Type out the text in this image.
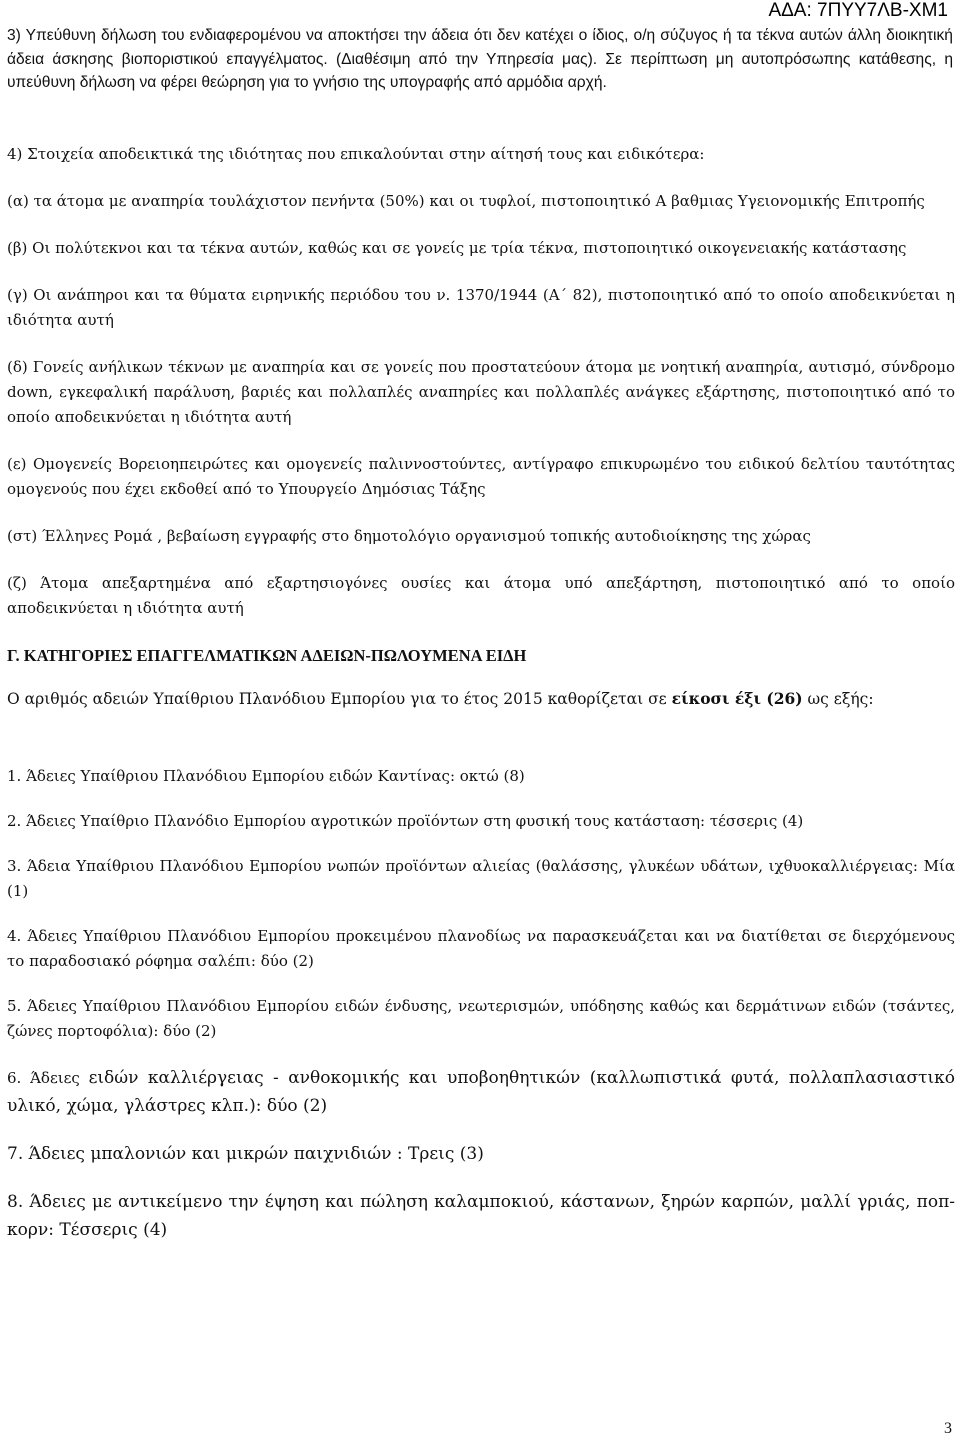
ΑΔΑ: 7ΠΥΥ7ΛΒ-ΧΜ1

3) Υπεύθυνη δήλωση του ενδιαφερομένου να αποκτήσει την άδεια ότι δεν κατέχει ο ίδιος, ο/η σύζυγος ή τα τέκνα αυτών άλλη διοικητική άδεια άσκησης βιοποριστικού επαγγέλματος. (Διαθέσιμη από την Υπηρεσία μας). Σε περίπτωση μη αυτοπρόσωπης κατάθεσης, η υπεύθυνη δήλωση να φέρει θεώρηση για το γνήσιο της υπογραφής από αρμόδια αρχή.

4) Στοιχεία αποδεικτικά της ιδιότητας που επικαλούνται στην αίτησή τους και ειδικότερα:

(α) τα άτομα με αναπηρία τουλάχιστον πενήντα (50%) και οι τυφλοί, πιστοποιητικό Α βαθμιας Υγειονομικής Επιτροπής

(β) Οι πολύτεκνοι και τα τέκνα αυτών, καθώς και σε γονείς με τρία τέκνα, πιστοποιητικό οικογενειακής κατάστασης

(γ) Οι ανάπηροι και τα θύματα ειρηνικής περιόδου του ν. 1370/1944 (Α΄ 82), πιστοποιητικό από το οποίο αποδεικνύεται η ιδιότητα αυτή

(δ) Γονείς ανήλικων τέκνων με αναπηρία και σε γονείς που προστατεύουν άτομα με νοητική αναπηρία, αυτισμό, σύνδρομο down, εγκεφαλική παράλυση, βαριές και πολλαπλές αναπηρίες και πολλαπλές ανάγκες εξάρτησης, πιστοποιητικό από το οποίο αποδεικνύεται η ιδιότητα αυτή

(ε) Ομογενείς Βορειοηπειρώτες και ομογενείς παλιννοστούντες, αντίγραφο επικυρωμένο του ειδικού δελτίου ταυτότητας ομογενούς που έχει εκδοθεί από το Υπουργείο Δημόσιας Τάξης

(στ) Έλληνες Ρομά , βεβαίωση εγγραφής στο δημοτολόγιο οργανισμού τοπικής αυτοδιοίκησης της χώρας

(ζ) Άτομα απεξαρτημένα από εξαρτησιογόνες ουσίες και άτομα υπό απεξάρτηση, πιστοποιητικό από το οποίο αποδεικνύεται η ιδιότητα αυτή

Γ. ΚΑΤΗΓΟΡΙΕΣ ΕΠΑΓΓΕΛΜΑΤΙΚΩΝ ΑΔΕΙΩΝ-ΠΩΛΟΥΜΕΝΑ ΕΙΔΗ

Ο αριθμός αδειών Υπαίθριου Πλανόδιου Εμπορίου για το έτος 2015 καθορίζεται σε είκοσι έξι (26) ως εξής:

1. Άδειες Υπαίθριου Πλανόδιου Εμπορίου ειδών Καντίνας: οκτώ (8)

2. Άδειες Υπαίθριο Πλανόδιο Εμπορίου αγροτικών προϊόντων στη φυσική τους κατάσταση: τέσσερις (4)

3. Άδεια Υπαίθριου Πλανόδιου Εμπορίου νωπών προϊόντων αλιείας (θαλάσσης, γλυκέων υδάτων, ιχθυοκαλλιέργειας: Μία (1)

4. Άδειες Υπαίθριου Πλανόδιου Εμπορίου προκειμένου πλανοδίως να παρασκευάζεται και να διατίθεται σε διερχόμενους το παραδοσιακό ρόφημα σαλέπι: δύο (2)

5. Άδειες Υπαίθριου Πλανόδιου Εμπορίου ειδών ένδυσης, νεωτερισμών, υπόδησης καθώς και δερμάτινων ειδών (τσάντες, ζώνες πορτοφόλια): δύο (2)

6. Άδειες ειδών καλλιέργειας - ανθοκομικής και υποβοηθητικών (καλλωπιστικά φυτά, πολλαπλασιαστικό υλικό, χώμα, γλάστρες κλπ.): δύο (2)

7. Άδειες μπαλονιών και μικρών παιχνιδιών : Τρεις (3)

8. Άδειες με αντικείμενο την έψηση και πώληση καλαμποκιού, κάστανων, ξηρών καρπών, μαλλί γριάς, ποπ-κορν: Τέσσερις (4)

3
